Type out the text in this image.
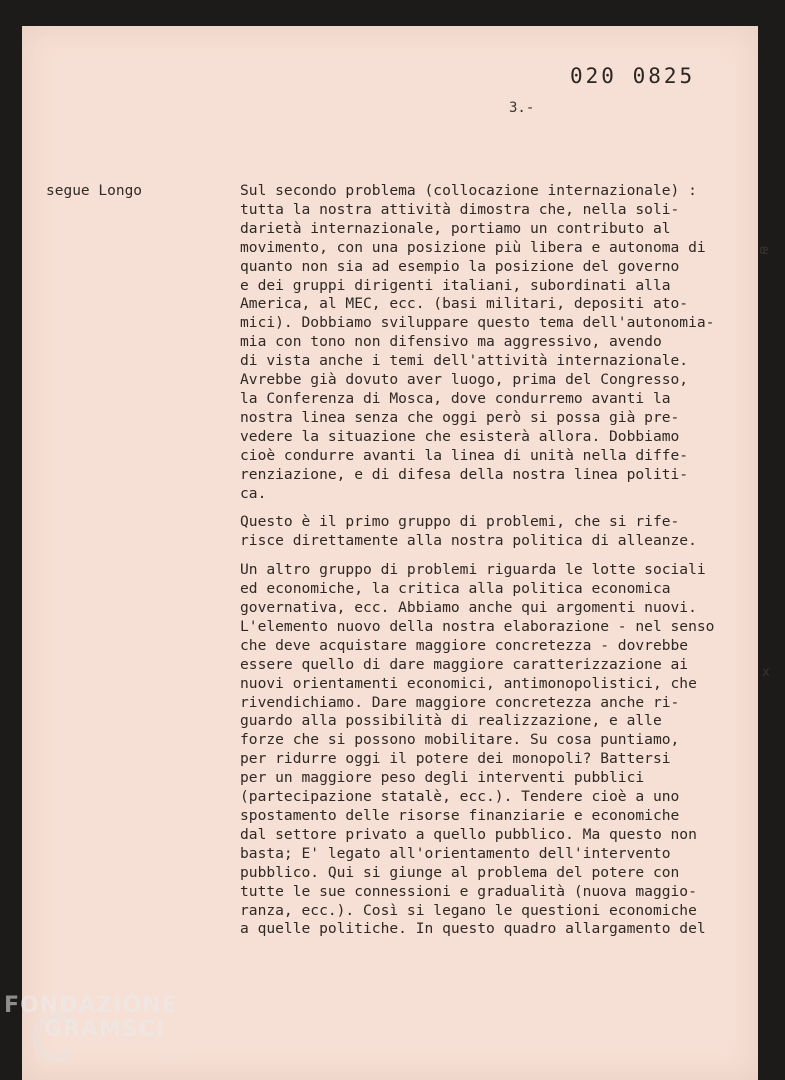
020 0825
3.-
segue Longo	Sul secondo problema (collocazione internazionale) :
tutta la nostra attività dimostra che, nella soli-
darietà internazionale, portiamo un contributo al
movimento, con una posizione più libera e autonoma di
quanto non sia ad esempio la posizione del governo
e dei gruppi dirigenti italiani, subordinati alla
America, al MEC, ecc. (basi militari, depositi ato-
mici). Dobbiamo sviluppare questo tema dell'autonomia-
mia con tono non difensivo ma aggressivo, avendo
di vista anche i temi dell'attività internazionale.
Avrebbe già dovuto aver luogo, prima del Congresso,
la Conferenza di Mosca, dove condurremo avanti la
nostra linea senza che oggi però si possa già pre-
vedere la situazione che esisterà allora. Dobbiamo
cioè condurre avanti la linea di unità nella diffe-
renziazione, e di difesa della nostra linea politi-
ca.
Questo è il primo gruppo di problemi, che si rife-
risce direttamente alla nostra politica di alleanze.
Un altro gruppo di problemi riguarda le lotte sociali
ed economiche, la critica alla politica economica
governativa, ecc. Abbiamo anche qui argomenti nuovi.
L'elemento nuovo della nostra elaborazione - nel senso
che deve acquistare maggiore concretezza - dovrebbe
essere quello di dare maggiore caratterizzazione ai
nuovi orientamenti economici, antimonopolistici, che
rivendichiamo. Dare maggiore concretezza anche ri-
guardo alla possibilità di realizzazione, e alle
forze che si possono mobilitare. Su cosa puntiamo,
per ridurre oggi il potere dei monopoli? Battersi
per un maggiore peso degli interventi pubblici
(partecipazione statalè, ecc.). Tendere cioè a uno
spostamento delle risorse finanziarie e economiche
dal settore privato a quello pubblico. Ma questo non
basta; E' legato all'orientamento dell'intervento
pubblico. Qui si giunge al problema del potere con
tutte le sue connessioni e gradualità (nuova maggio-
ranza, ecc.). Così si legano le questioni economiche
a quelle politiche. In questo quadro allargamento del
œ
x
FONDAZIONE
GRAMSCI
onlus
